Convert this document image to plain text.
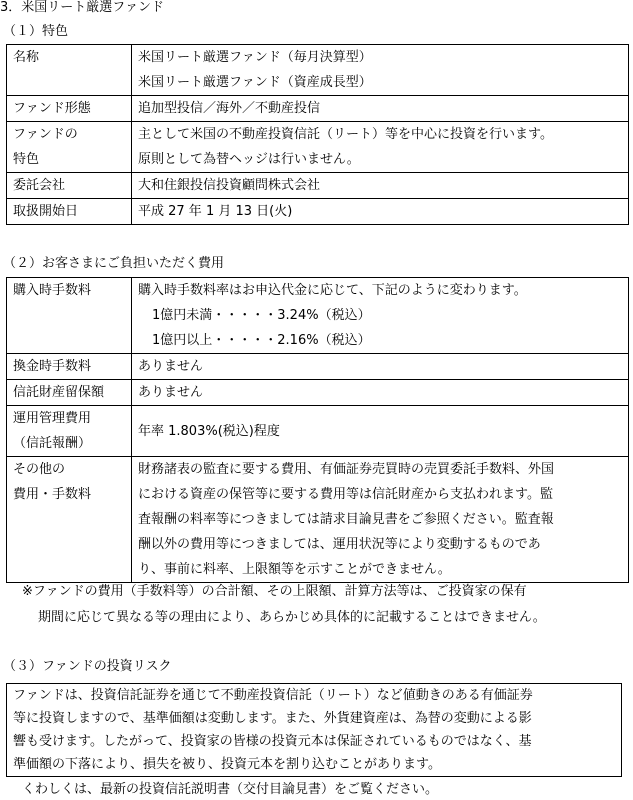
3．米国リート厳選ファンド
（１）特色
名称	米国リート厳選ファンド（毎月決算型）
米国リート厳選ファンド（資産成長型）

ファンド形態	追加型投信／海外／不動産投信

ファンドの
特色	主として米国の不動産投資信託（リート）等を中心に投資を行います。
原則として為替ヘッジは行いません。

委託会社	大和住銀投信投資顧問株式会社

取扱開始日	平成 27 年 1 月 13 日(火)
（２）お客さまにご負担いただく費用
購入時手数料	購入時手数料率はお申込代金に応じて、下記のように変わります。
1億円未満・・・・・3.24%（税込）
1億円以上・・・・・2.16%（税込）

換金時手数料	ありません

信託財産留保額	ありません

運用管理費用
（信託報酬）	年率 1.803%(税込)程度

その他の
費用・手数料	財務諸表の監査に要する費用、有価証券売買時の売買委託手数料、外国
における資産の保管等に要する費用等は信託財産から支払われます。監
査報酬の料率等につきましては請求目論見書をご参照ください。監査報
酬以外の費用等につきましては、運用状況等により変動するものであ
り、事前に料率、上限額等を示すことができません。
※ファンドの費用（手数料等）の合計額、その上限額、計算方法等は、ご投資家の保有
期間に応じて異なる等の理由により、あらかじめ具体的に記載することはできません。
（３）ファンドの投資リスク
ファンドは、投資信託証券を通じて不動産投資信託（リート）など値動きのある有価証券
等に投資しますので、基準価額は変動します。また、外貨建資産は、為替の変動による影
響も受けます。したがって、投資家の皆様の投資元本は保証されているものではなく、基
準価額の下落により、損失を被り、投資元本を割り込むことがあります。
くわしくは、最新の投資信託説明書（交付目論見書）をご覧ください。
